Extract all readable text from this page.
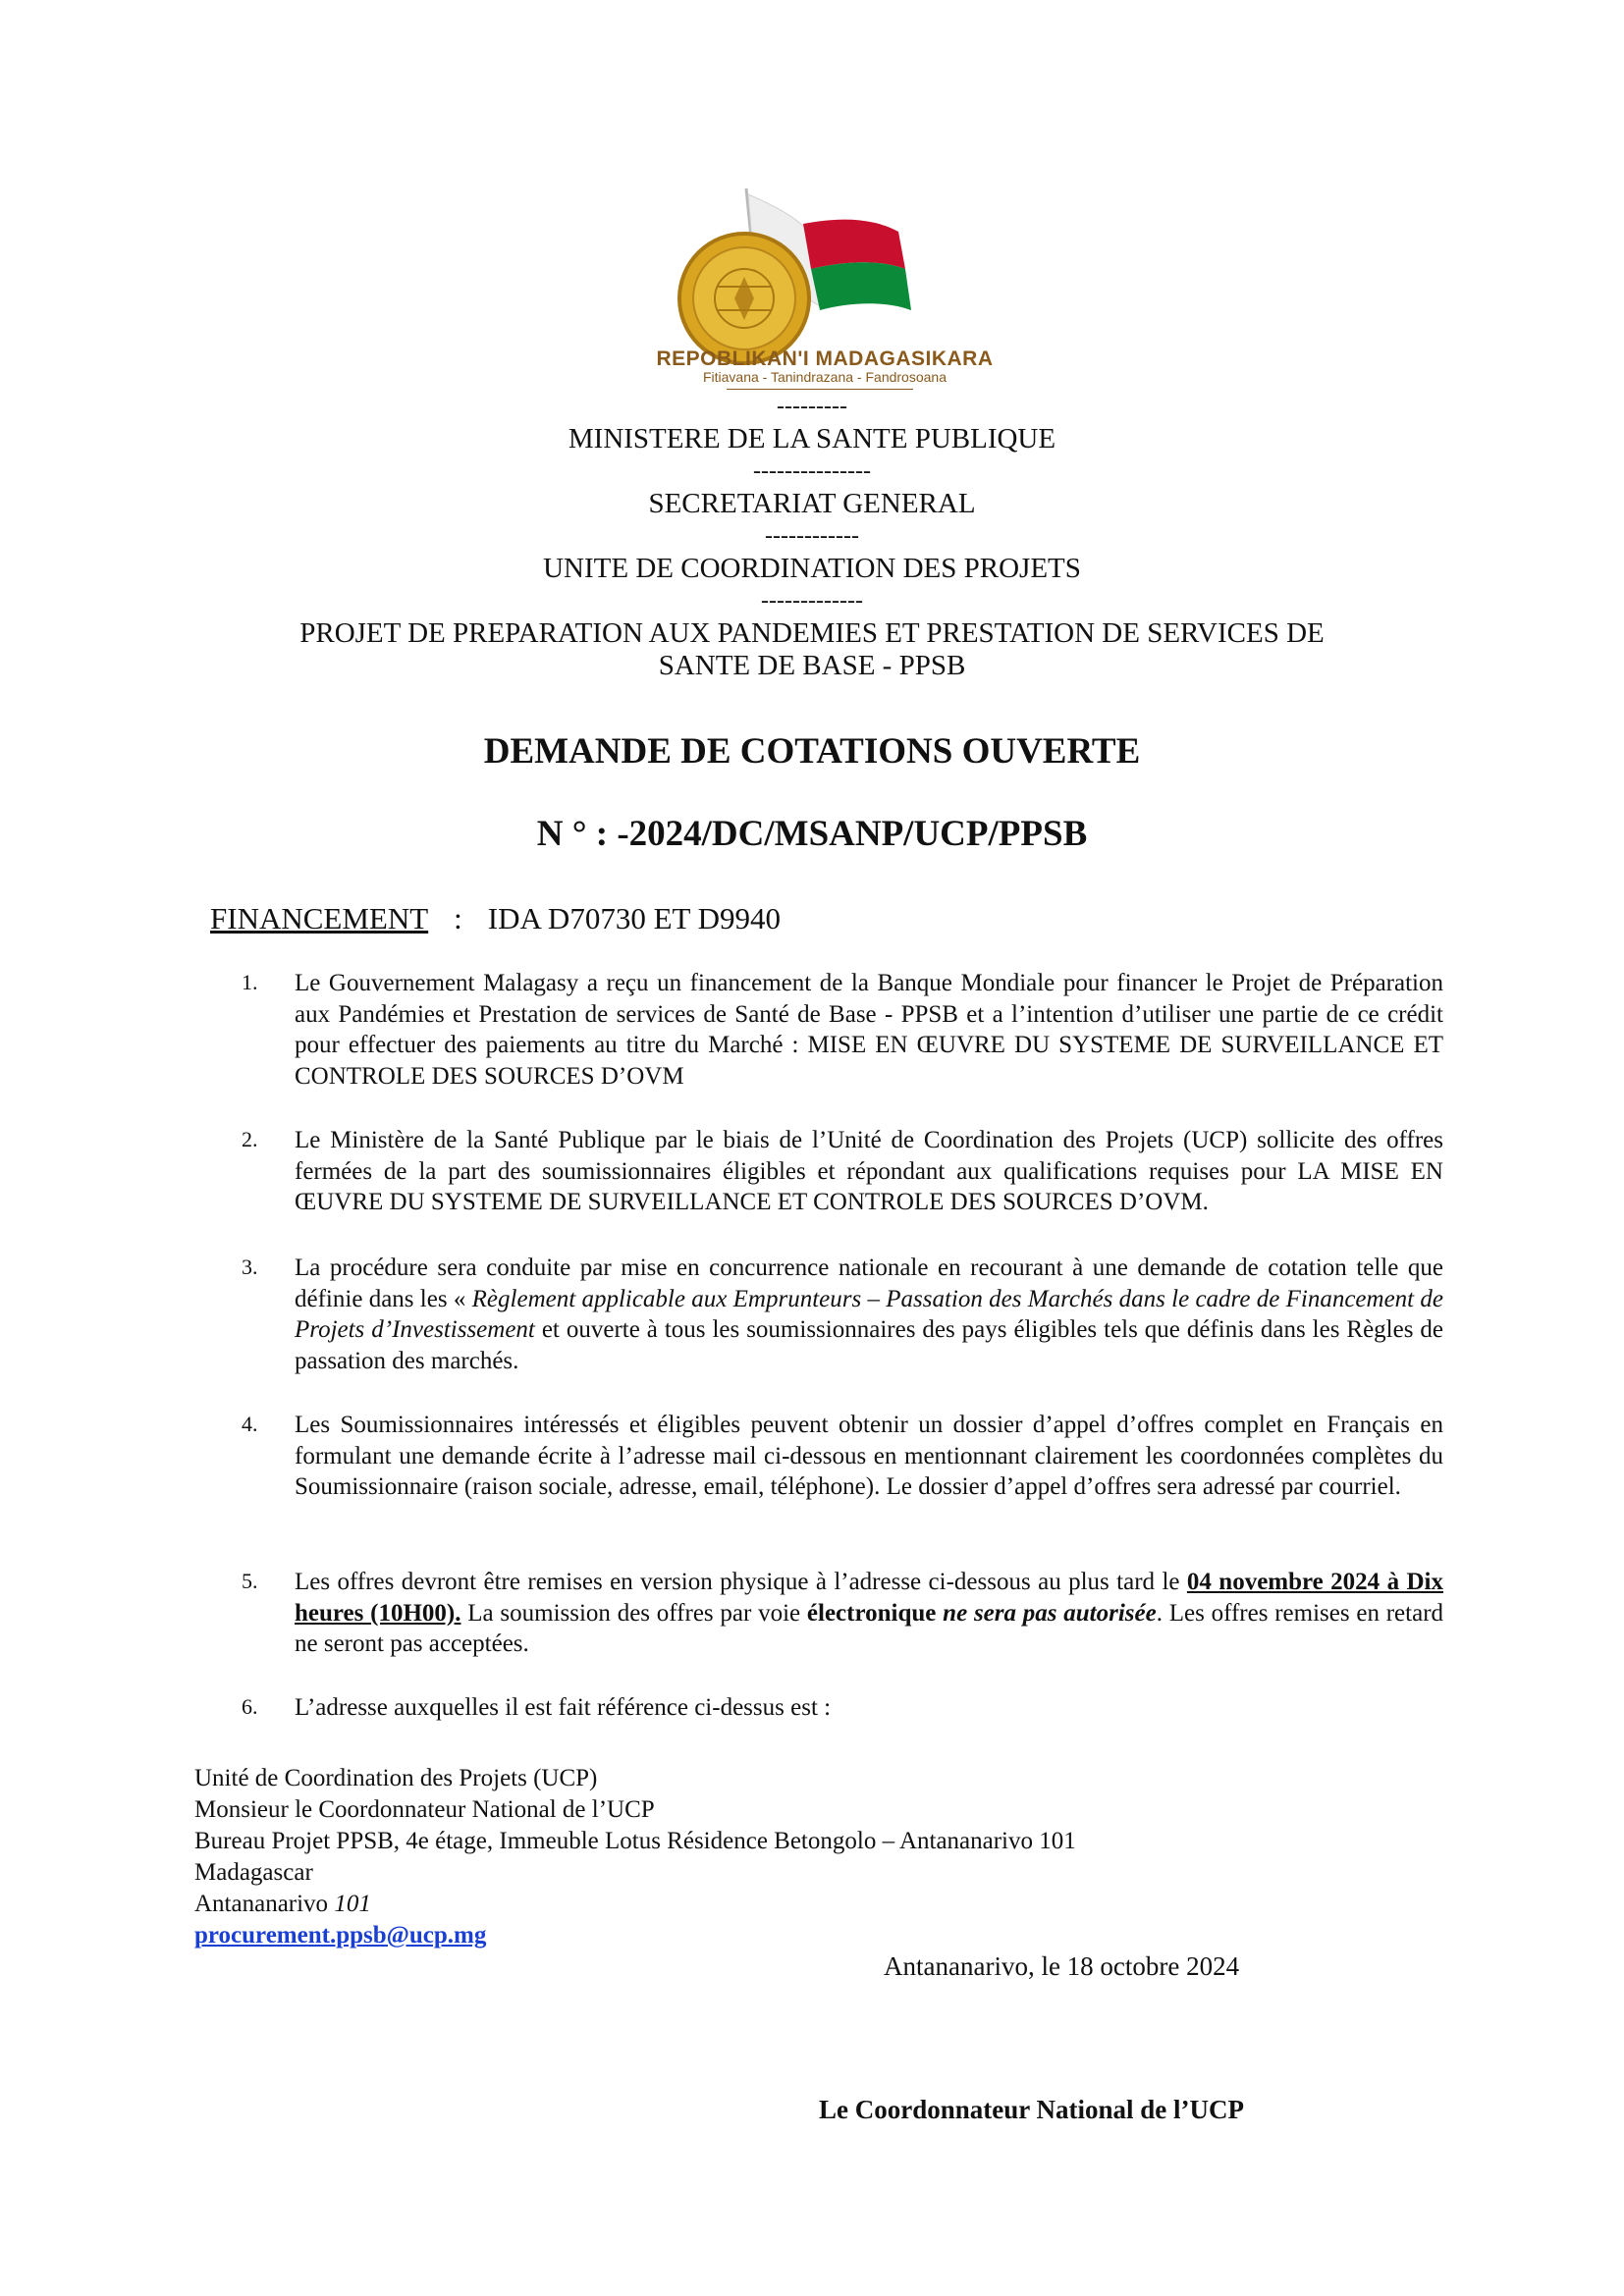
REPOBLIKAN'I MADAGASIKARA
Fitiavana - Tanindrazana - Fandrosoana
---------
MINISTERE DE LA SANTE PUBLIQUE
---------------
SECRETARIAT GENERAL
------------
UNITE DE COORDINATION DES PROJETS
-------------
PROJET DE PREPARATION AUX PANDEMIES ET PRESTATION DE SERVICES DE
SANTE DE BASE - PPSB
DEMANDE DE COTATIONS OUVERTE
N ° : -2024/DC/MSANP/UCP/PPSB
FINANCEMENT : IDA D70730 ET D9940
1. Le Gouvernement Malagasy a reçu un financement de la Banque Mondiale pour financer le Projet de Préparation aux Pandémies et Prestation de services de Santé de Base - PPSB et a l’intention d’utiliser une partie de ce crédit pour effectuer des paiements au titre du Marché : MISE EN ŒUVRE DU SYSTEME DE SURVEILLANCE ET CONTROLE DES SOURCES D’OVM
2. Le Ministère de la Santé Publique par le biais de l’Unité de Coordination des Projets (UCP) sollicite des offres fermées de la part des soumissionnaires éligibles et répondant aux qualifications requises pour LA MISE EN ŒUVRE DU SYSTEME DE SURVEILLANCE ET CONTROLE DES SOURCES D’OVM.
3. La procédure sera conduite par mise en concurrence nationale en recourant à une demande de cotation telle que définie dans les « Règlement applicable aux Emprunteurs – Passation des Marchés dans le cadre de Financement de Projets d’Investissement et ouverte à tous les soumissionnaires des pays éligibles tels que définis dans les Règles de passation des marchés.
4. Les Soumissionnaires intéressés et éligibles peuvent obtenir un dossier d’appel d’offres complet en Français en formulant une demande écrite à l’adresse mail ci-dessous en mentionnant clairement les coordonnées complètes du Soumissionnaire (raison sociale, adresse, email, téléphone). Le dossier d’appel d’offres sera adressé par courriel.
5. Les offres devront être remises en version physique à l’adresse ci-dessous au plus tard le 04 novembre 2024 à Dix heures (10H00). La soumission des offres par voie électronique ne sera pas autorisée. Les offres remises en retard ne seront pas acceptées.
6. L’adresse auxquelles il est fait référence ci-dessus est :
Unité de Coordination des Projets (UCP)
Monsieur le Coordonnateur National de l’UCP
Bureau Projet PPSB, 4e étage, Immeuble Lotus Résidence Betongolo – Antananarivo 101
Madagascar
Antananarivo 101
procurement.ppsb@ucp.mg
Antananarivo, le 18 octobre 2024
Le Coordonnateur National de l’UCP
